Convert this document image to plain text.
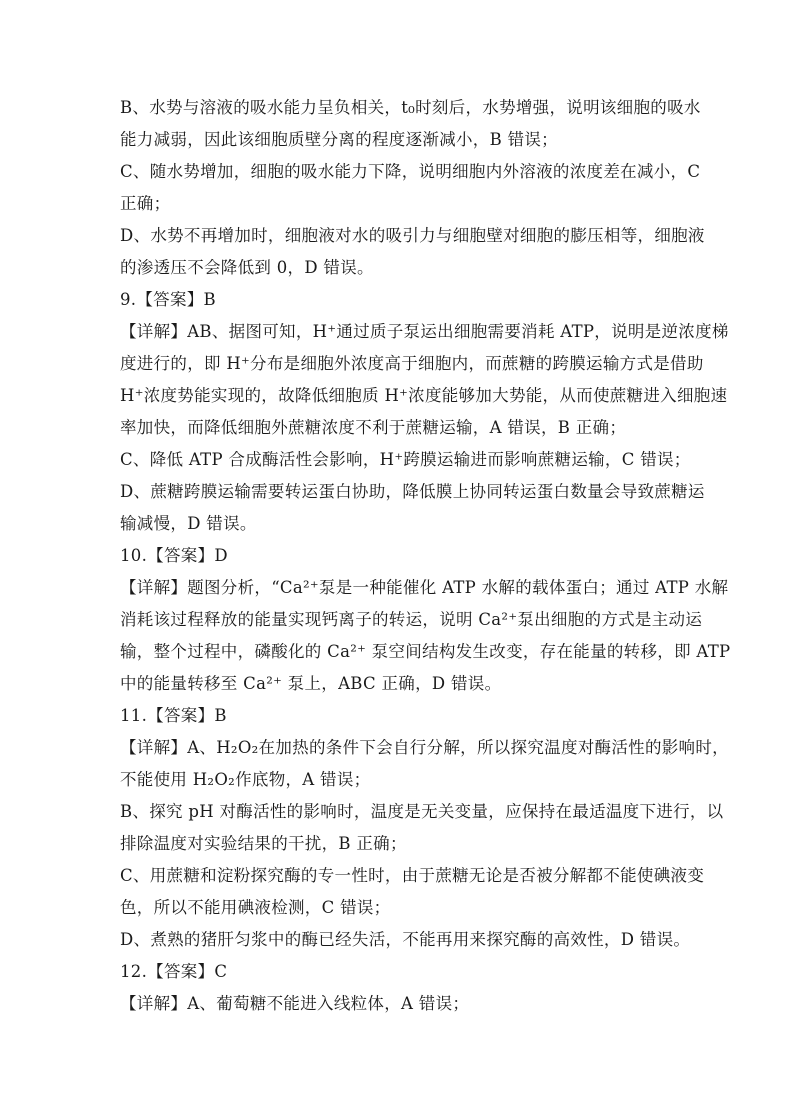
B、水势与溶液的吸水能力呈负相关，t₀时刻后，水势增强，说明该细胞的吸水
能力减弱，因此该细胞质壁分离的程度逐渐减小，B 错误；
C、随水势增加，细胞的吸水能力下降，说明细胞内外溶液的浓度差在减小，C
正确；
D、水势不再增加时，细胞液对水的吸引力与细胞壁对细胞的膨压相等，细胞液
的渗透压不会降低到 0，D 错误。
9.【答案】B
【详解】AB、据图可知，H⁺通过质子泵运出细胞需要消耗 ATP，说明是逆浓度梯
度进行的，即 H⁺分布是细胞外浓度高于细胞内，而蔗糖的跨膜运输方式是借助
H⁺浓度势能实现的，故降低细胞质 H⁺浓度能够加大势能，从而使蔗糖进入细胞速
率加快，而降低细胞外蔗糖浓度不利于蔗糖运输，A 错误，B 正确；
C、降低 ATP 合成酶活性会影响，H⁺跨膜运输进而影响蔗糖运输，C 错误；
D、蔗糖跨膜运输需要转运蛋白协助，降低膜上协同转运蛋白数量会导致蔗糖运
输减慢，D 错误。
10.【答案】D
【详解】题图分析，“Ca²⁺泵是一种能催化 ATP 水解的载体蛋白；通过 ATP 水解
消耗该过程释放的能量实现钙离子的转运，说明 Ca²⁺泵出细胞的方式是主动运
输，整个过程中，磷酸化的 Ca²⁺ 泵空间结构发生改变，存在能量的转移，即 ATP
中的能量转移至 Ca²⁺ 泵上，ABC 正确，D 错误。
11.【答案】B
【详解】A、H₂O₂在加热的条件下会自行分解，所以探究温度对酶活性的影响时，
不能使用 H₂O₂作底物，A 错误；
B、探究 pH 对酶活性的影响时，温度是无关变量，应保持在最适温度下进行，以
排除温度对实验结果的干扰，B 正确；
C、用蔗糖和淀粉探究酶的专一性时，由于蔗糖无论是否被分解都不能使碘液变
色，所以不能用碘液检测，C 错误；
D、煮熟的猪肝匀浆中的酶已经失活，不能再用来探究酶的高效性，D 错误。
12.【答案】C
【详解】A、葡萄糖不能进入线粒体，A 错误；
